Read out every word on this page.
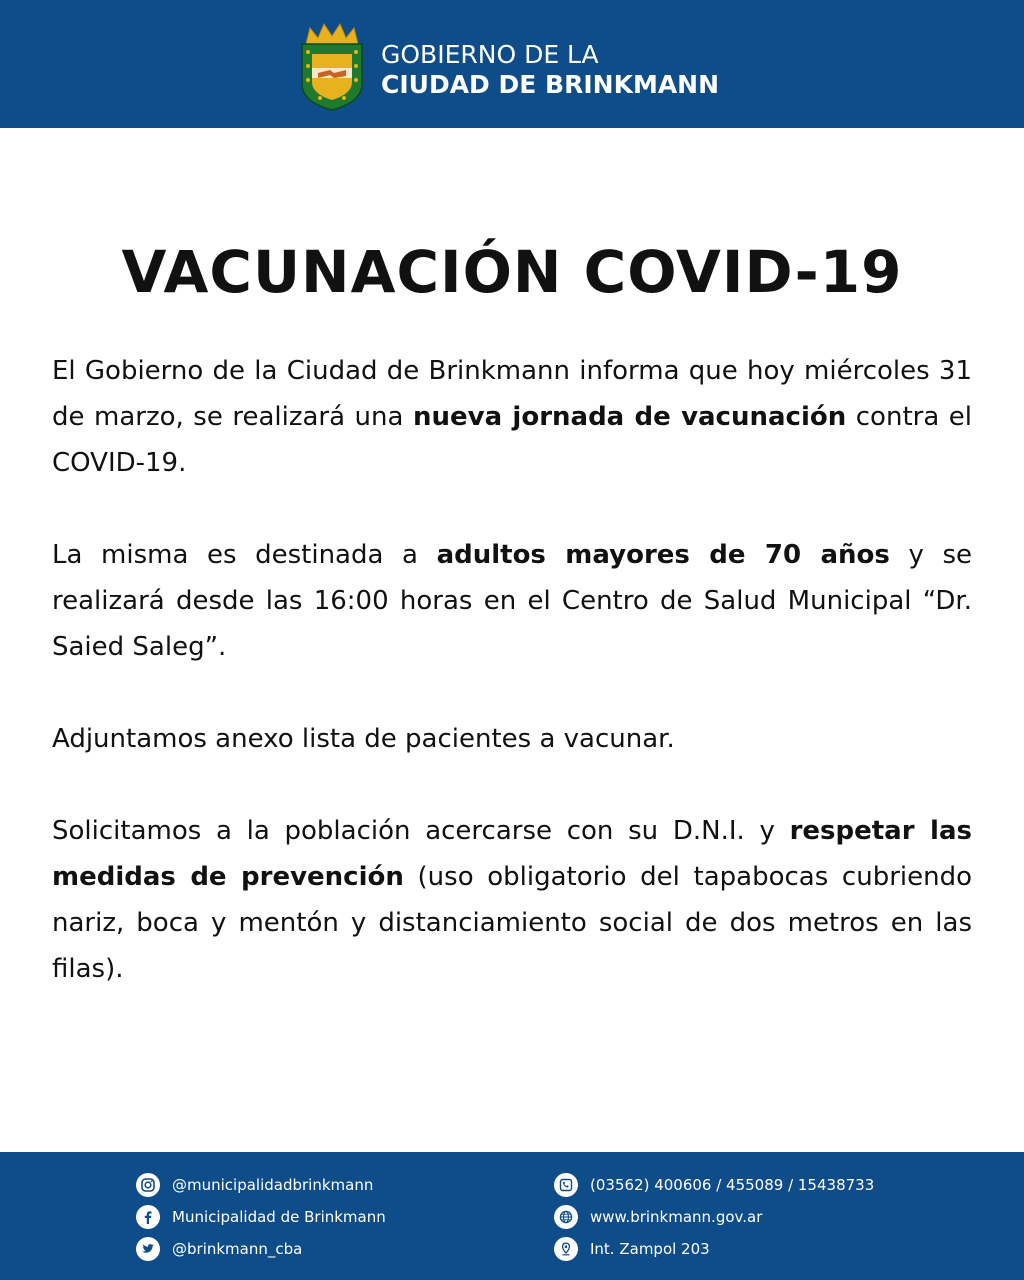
GOBIERNO DE LA
CIUDAD DE BRINKMANN
VACUNACIÓN COVID-19

El Gobierno de la Ciudad de Brinkmann informa que hoy miércoles 31 de marzo, se realizará una nueva jornada de vacunación contra el COVID-19.

La misma es destinada a adultos mayores de 70 años y se realizará desde las 16:00 horas en el Centro de Salud Municipal “Dr. Saied Saleg”.

Adjuntamos anexo lista de pacientes a vacunar.

Solicitamos a la población acercarse con su D.N.I. y respetar las medidas de prevención (uso obligatorio del tapabocas cubriendo nariz, boca y mentón y distanciamiento social de dos metros en las filas).

@municipalidadbrinkmann
Municipalidad de Brinkmann
@brinkmann_cba
(03562) 400606 / 455089 / 15438733
www.brinkmann.gov.ar
Int. Zampol 203
